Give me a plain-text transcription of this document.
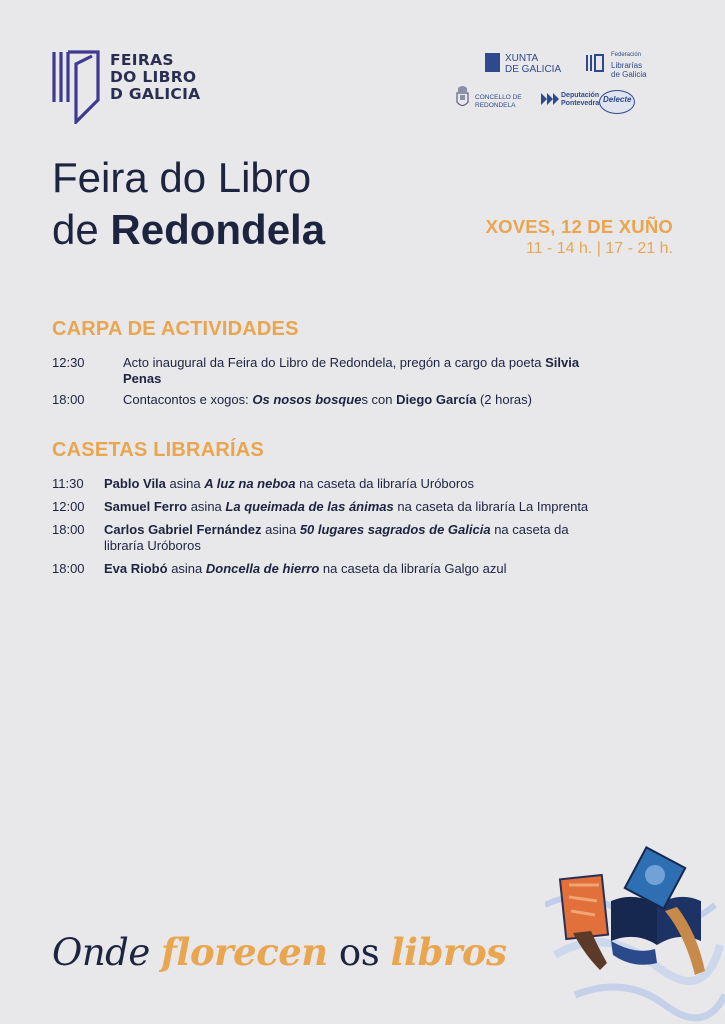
FEIRAS
DO LIBRO
D GALICIA
XUNTA
DE GALICIA
Federación
Librarías
de Galicia
CONCELLO DE
REDONDELA
Deputación
Pontevedra Delecte
Feira do Libro
de Redondela	XOVES, 12 DE XUÑO
11 - 14 h. | 17 - 21 h.
CARPA DE ACTIVIDADES
12:30	Acto inaugural da Feira do Libro de Redondela, pregón a cargo da poeta Silvia Penas
18:00	Contacontos e xogos: Os nosos bosques con Diego García (2 horas)
CASETAS LIBRARÍAS
11:30 Pablo Vila asina A luz na neboa na caseta da libraría Uróboros
12:00 Samuel Ferro asina La queimada de las ánimas na caseta da libraría La Imprenta
18:00 Carlos Gabriel Fernández asina 50 lugares sagrados de Galicia na caseta da libraría Uróboros
18:00 Eva Riobó asina Doncella de hierro na caseta da libraría Galgo azul
Onde florecen os libros
